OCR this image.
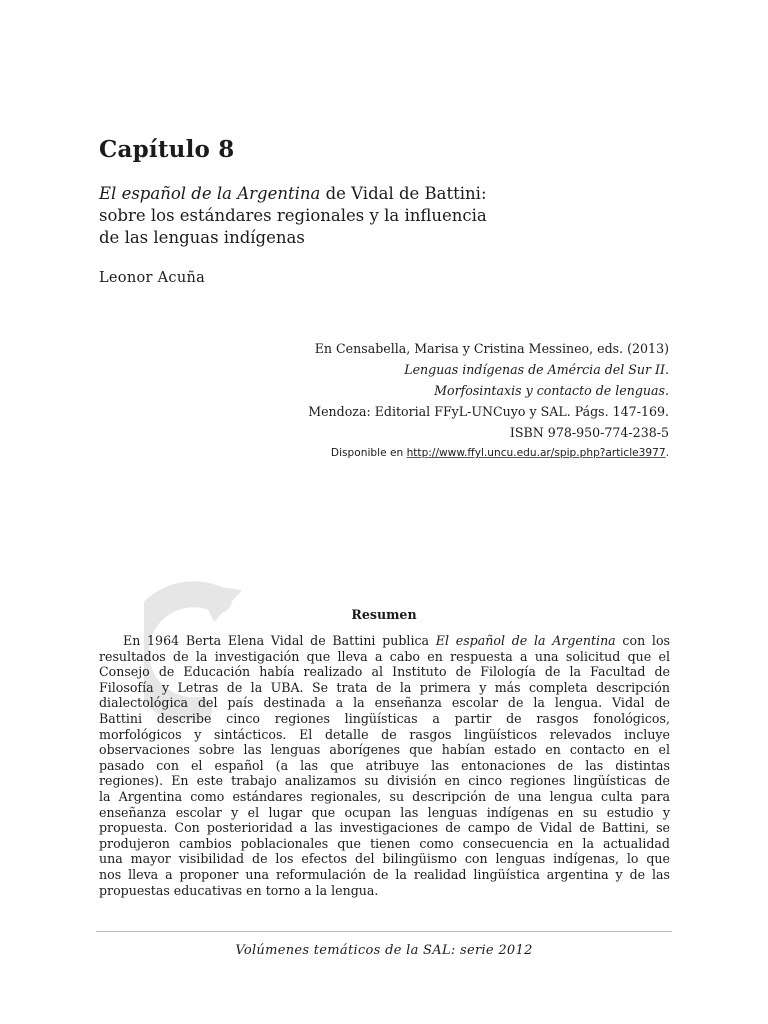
Capítulo 8
El español de la Argentina de Vidal de Battini:
sobre los estándares regionales y la influencia
de las lenguas indígenas

Leonor Acuña

En Censabella, Marisa y Cristina Messineo, eds. (2013)
Lenguas indígenas de Amércia del Sur II.
Morfosintaxis y contacto de lenguas.
Mendoza: Editorial FFyL-UNCuyo y SAL. Págs. 147-169.
ISBN 978-950-774-238-5
Disponible en http://www.ffyl.uncu.edu.ar/spip.php?article3977.
Resumen
En 1964 Berta Elena Vidal de Battini publica El español de la Argentina con los
resultados de la investigación que lleva a cabo en respuesta a una solicitud que el
Consejo de Educación había realizado al Instituto de Filología de la Facultad de
Filosofía y Letras de la UBA. Se trata de la primera y más completa descripción
dialectológica del país destinada a la enseñanza escolar de la lengua. Vidal de
Battini describe cinco regiones lingüísticas a partir de rasgos fonológicos,
morfológicos y sintácticos. El detalle de rasgos lingüísticos relevados incluye
observaciones sobre las lenguas aborígenes que habían estado en contacto en el
pasado con el español (a las que atribuye las entonaciones de las distintas
regiones). En este trabajo analizamos su división en cinco regiones lingüísticas de
la Argentina como estándares regionales, su descripción de una lengua culta para
enseñanza escolar y el lugar que ocupan las lenguas indígenas en su estudio y
propuesta. Con posterioridad a las investigaciones de campo de Vidal de Battini, se
produjeron cambios poblacionales que tienen como consecuencia en la actualidad
una mayor visibilidad de los efectos del bilingüismo con lenguas indígenas, lo que
nos lleva a proponer una reformulación de la realidad lingüística argentina y de las
propuestas educativas en torno a la lengua.
Volúmenes temáticos de la SAL: serie 2012
